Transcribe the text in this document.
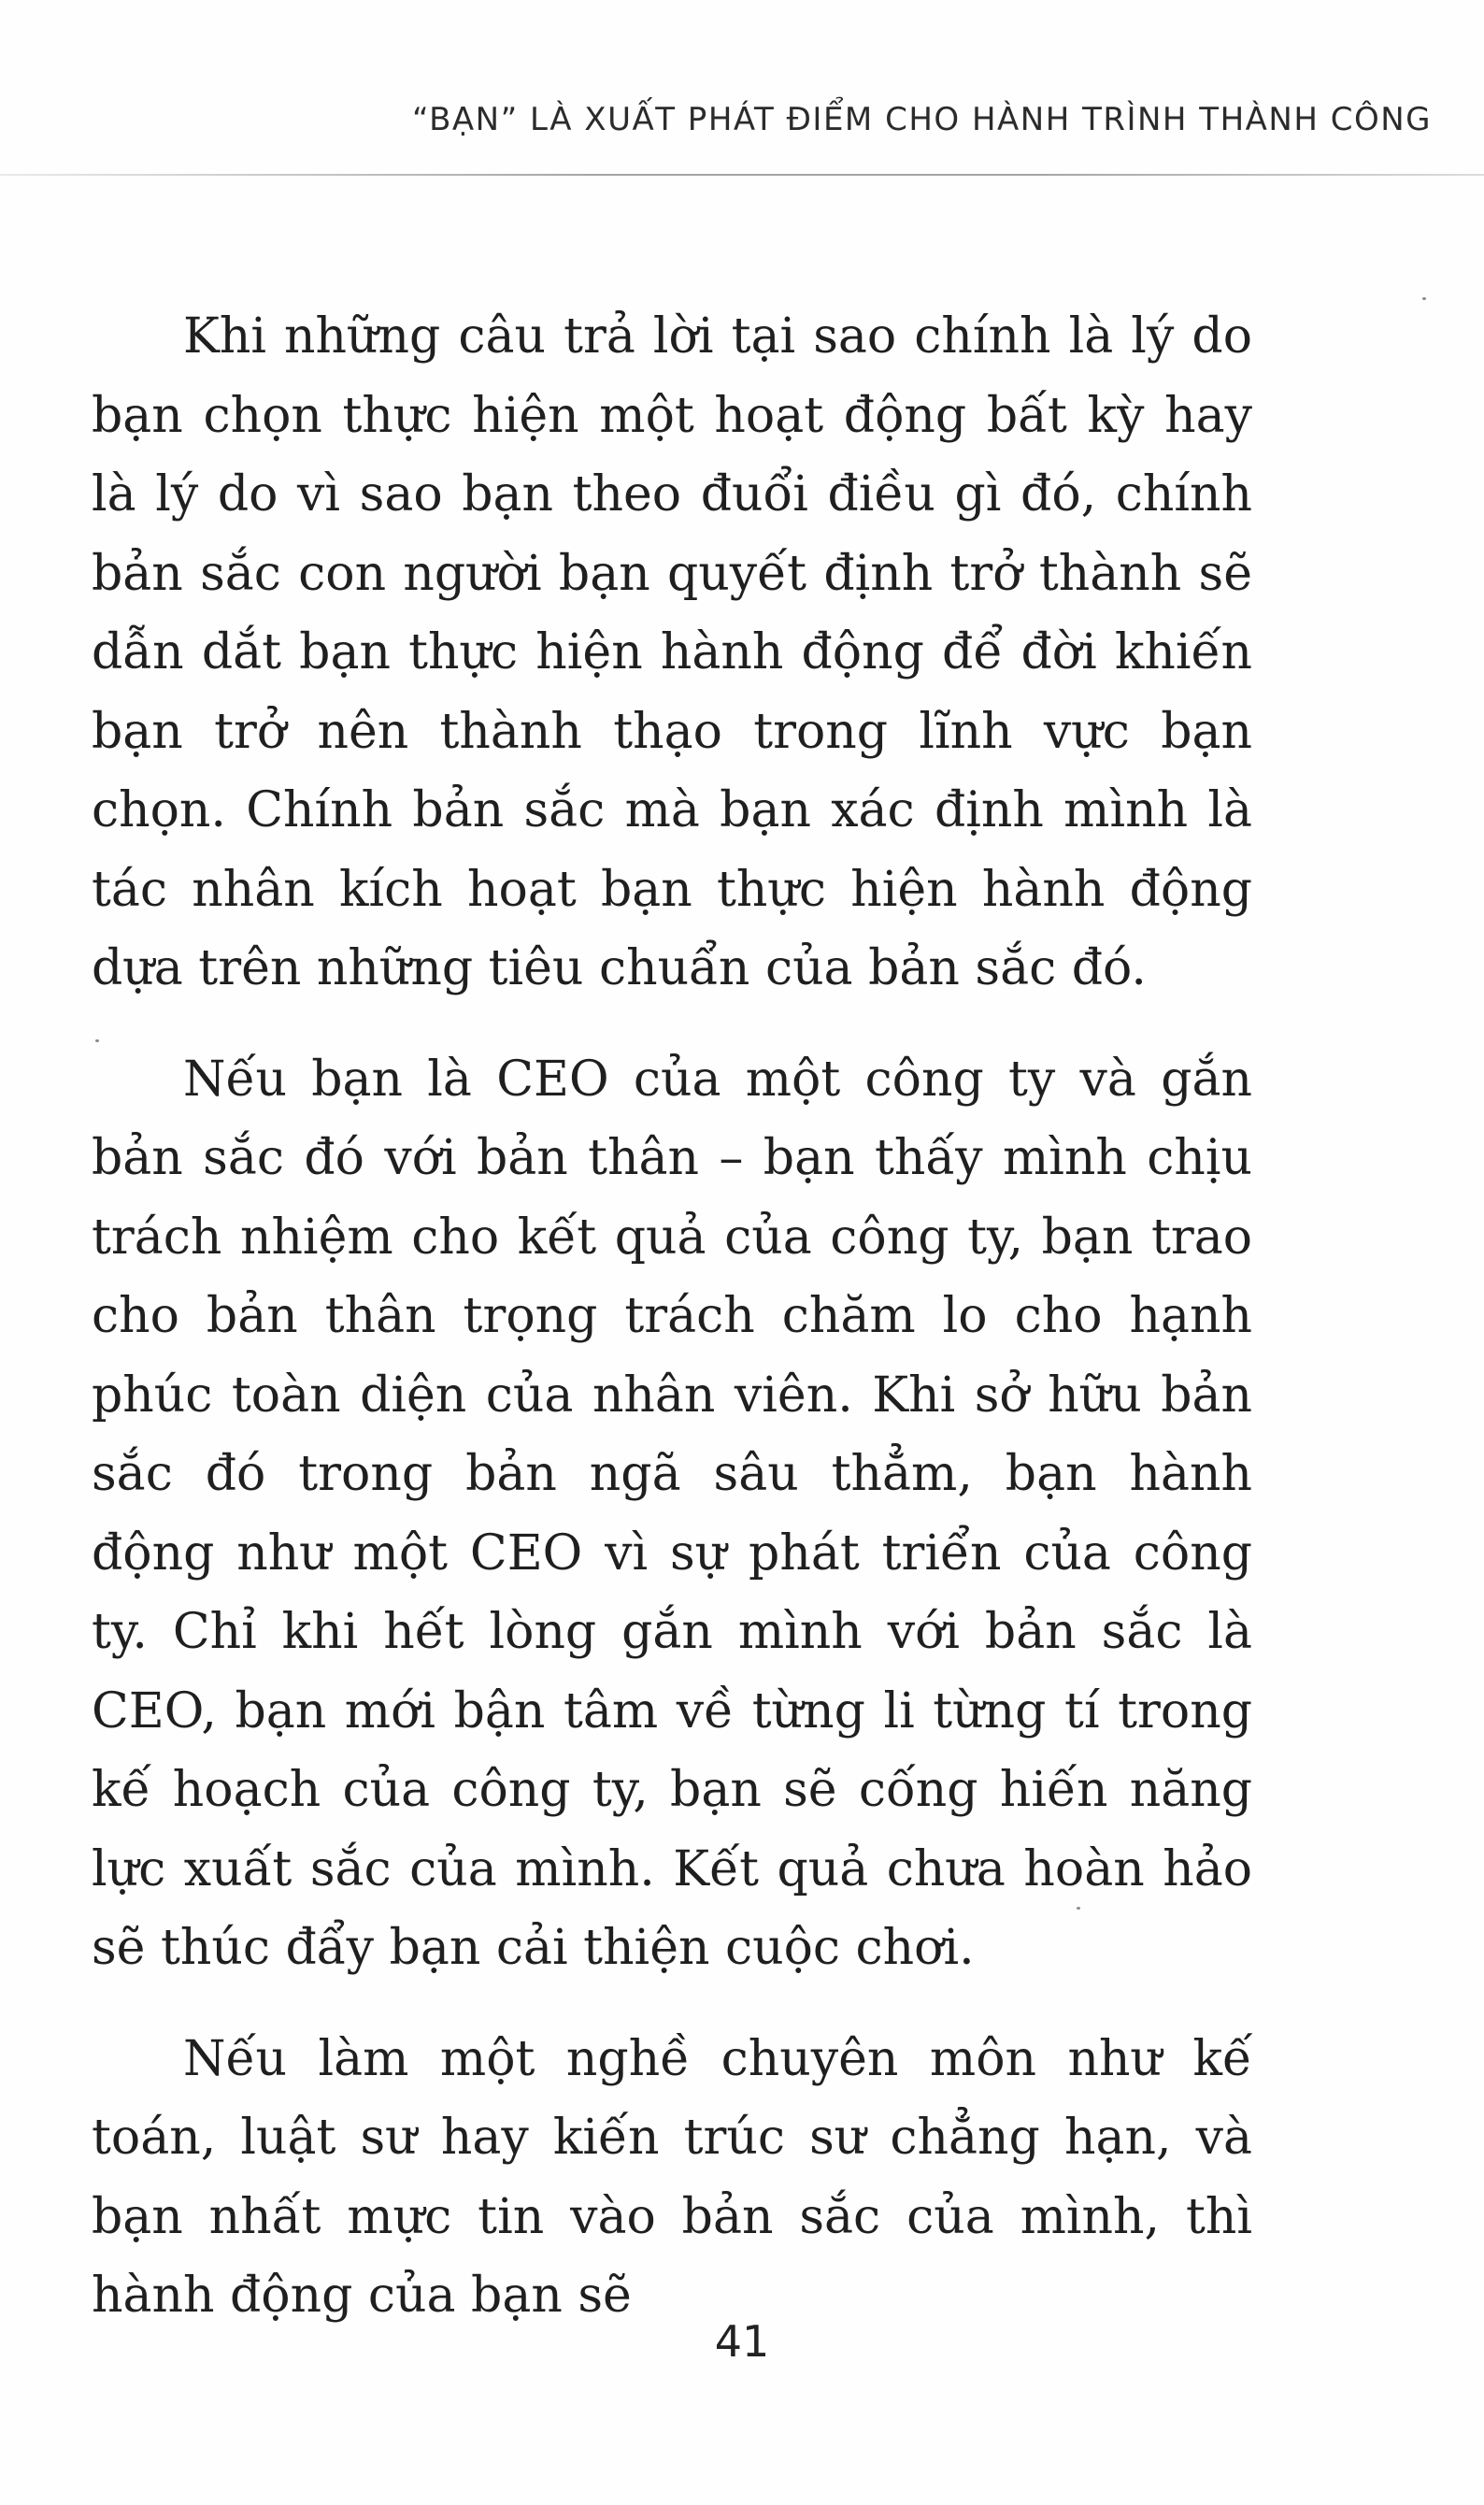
“BẠN” LÀ XUẤT PHÁT ĐIỂM CHO HÀNH TRÌNH THÀNH CÔNG

Khi những câu trả lời tại sao chính là lý do bạn chọn thực hiện một hoạt động bất kỳ hay là lý do vì sao bạn theo đuổi điều gì đó, chính bản sắc con người bạn quyết định trở thành sẽ dẫn dắt bạn thực hiện hành động để đời khiến bạn trở nên thành thạo trong lĩnh vực bạn chọn. Chính bản sắc mà bạn xác định mình là tác nhân kích hoạt bạn thực hiện hành động dựa trên những tiêu chuẩn của bản sắc đó.

Nếu bạn là CEO của một công ty và gắn bản sắc đó với bản thân – bạn thấy mình chịu trách nhiệm cho kết quả của công ty, bạn trao cho bản thân trọng trách chăm lo cho hạnh phúc toàn diện của nhân viên. Khi sở hữu bản sắc đó trong bản ngã sâu thẳm, bạn hành động như một CEO vì sự phát triển của công ty. Chỉ khi hết lòng gắn mình với bản sắc là CEO, bạn mới bận tâm về từng li từng tí trong kế hoạch của công ty, bạn sẽ cống hiến năng lực xuất sắc của mình. Kết quả chưa hoàn hảo sẽ thúc đẩy bạn cải thiện cuộc chơi.

Nếu làm một nghề chuyên môn như kế toán, luật sư hay kiến trúc sư chẳng hạn, và bạn nhất mực tin vào bản sắc của mình, thì hành động của bạn sẽ

41
